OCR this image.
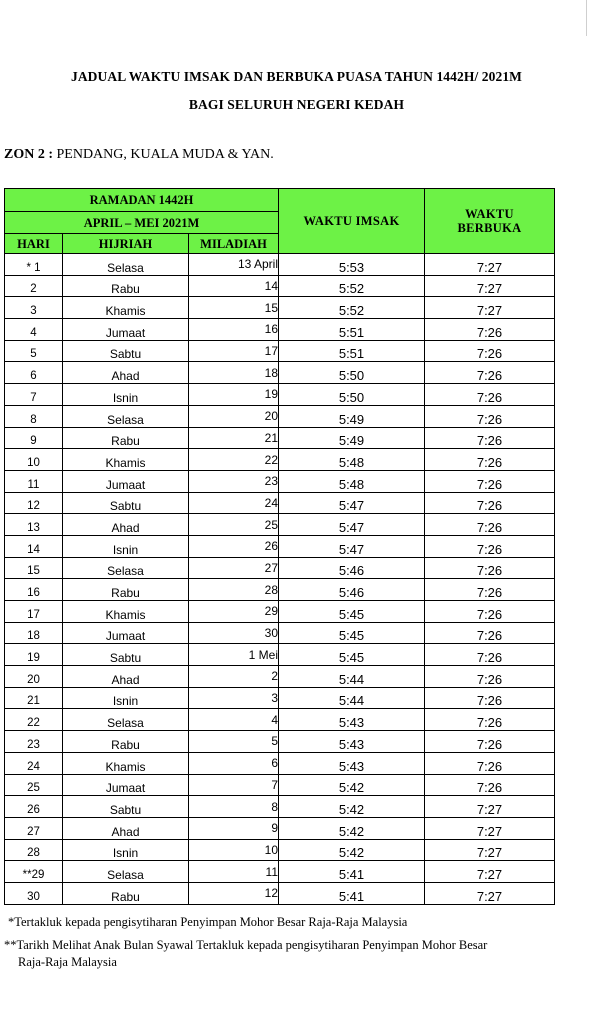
JADUAL WAKTU IMSAK DAN BERBUKA PUASA TAHUN 1442H/ 2021M
BAGI SELURUH NEGERI KEDAH
ZON 2 : PENDANG, KUALA MUDA & YAN.
RAMADAN 1442H			WAKTU IMSAK	WAKTU
BERBUKA
APRIL – MEI 2021M				
HARI	HIJRIAH	MILADIAH		
* 1	Selasa	13 April	5:53	7:27
2	Rabu	14	5:52	7:27
3	Khamis	15	5:52	7:27
4	Jumaat	16	5:51	7:26
5	Sabtu	17	5:51	7:26
6	Ahad	18	5:50	7:26
7	Isnin	19	5:50	7:26
8	Selasa	20	5:49	7:26
9	Rabu	21	5:49	7:26
10	Khamis	22	5:48	7:26
11	Jumaat	23	5:48	7:26
12	Sabtu	24	5:47	7:26
13	Ahad	25	5:47	7:26
14	Isnin	26	5:47	7:26
15	Selasa	27	5:46	7:26
16	Rabu	28	5:46	7:26
17	Khamis	29	5:45	7:26
18	Jumaat	30	5:45	7:26
19	Sabtu	1 Mei	5:45	7:26
20	Ahad	2	5:44	7:26
21	Isnin	3	5:44	7:26
22	Selasa	4	5:43	7:26
23	Rabu	5	5:43	7:26
24	Khamis	6	5:43	7:26
25	Jumaat	7	5:42	7:26
26	Sabtu	8	5:42	7:27
27	Ahad	9	5:42	7:27
28	Isnin	10	5:42	7:27
**29	Selasa	11	5:41	7:27
30	Rabu	12	5:41	7:27
*Tertakluk kepada pengisytiharan Penyimpan Mohor Besar Raja-Raja Malaysia
**Tarikh Melihat Anak Bulan Syawal Tertakluk kepada pengisytiharan Penyimpan Mohor Besar
Raja-Raja Malaysia
